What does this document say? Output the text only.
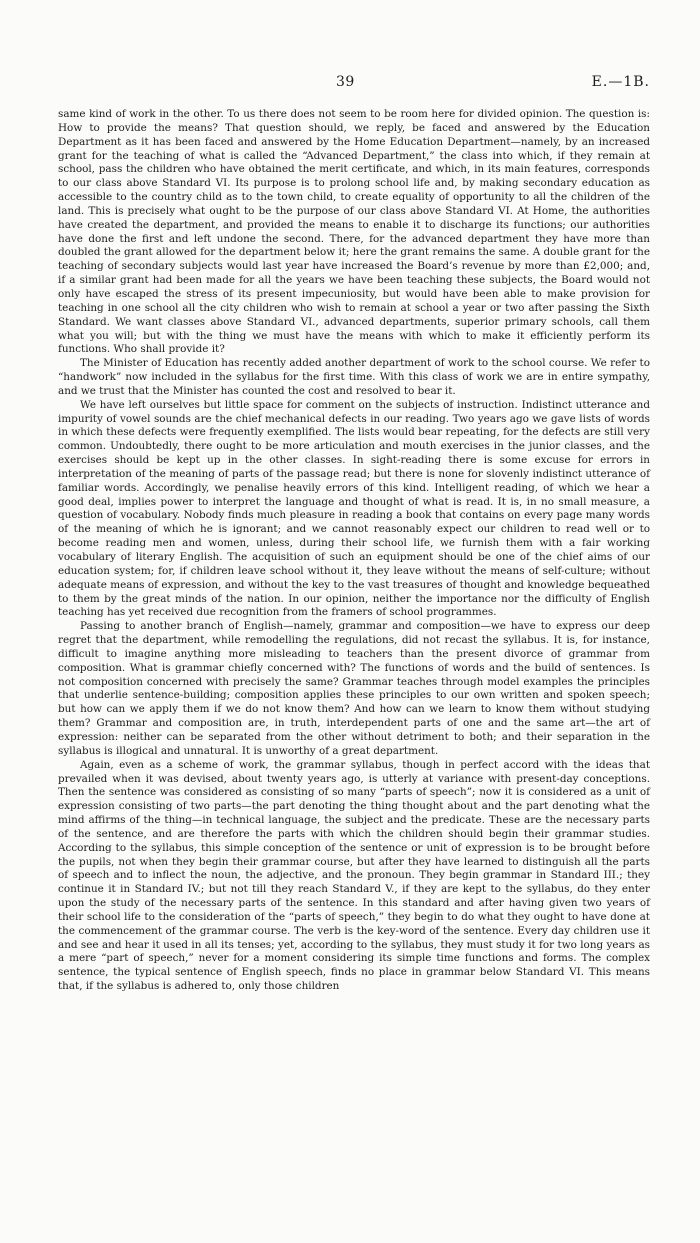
39	E.—1B.

same kind of work in the other. To us there does not seem to be room here for divided opinion. The question is: How to provide the means? That question should, we reply, be faced and answered by the Education Department as it has been faced and answered by the Home Education Department—namely, by an increased grant for the teaching of what is called the “Advanced Department,” the class into which, if they remain at school, pass the children who have obtained the merit certificate, and which, in its main features, corresponds to our class above Standard VI. Its purpose is to prolong school life and, by making secondary education as accessible to the country child as to the town child, to create equality of opportunity to all the children of the land. This is precisely what ought to be the purpose of our class above Standard VI. At Home, the authorities have created the department, and provided the means to enable it to discharge its functions; our authorities have done the first and left undone the second. There, for the advanced department they have more than doubled the grant allowed for the department below it; here the grant remains the same. A double grant for the teaching of secondary subjects would last year have increased the Board’s revenue by more than £2,000; and, if a similar grant had been made for all the years we have been teaching these subjects, the Board would not only have escaped the stress of its present impecuniosity, but would have been able to make provision for teaching in one school all the city children who wish to remain at school a year or two after passing the Sixth Standard. We want classes above Standard VI., advanced departments, superior primary schools, call them what you will; but with the thing we must have the means with which to make it efficiently perform its functions. Who shall provide it?

The Minister of Education has recently added another department of work to the school course. We refer to “handwork” now included in the syllabus for the first time. With this class of work we are in entire sympathy, and we trust that the Minister has counted the cost and resolved to bear it.

We have left ourselves but little space for comment on the subjects of instruction. Indistinct utterance and impurity of vowel sounds are the chief mechanical defects in our reading. Two years ago we gave lists of words in which these defects were frequently exemplified. The lists would bear repeating, for the defects are still very common. Undoubtedly, there ought to be more articulation and mouth exercises in the junior classes, and the exercises should be kept up in the other classes. In sight-reading there is some excuse for errors in interpretation of the meaning of parts of the passage read; but there is none for slovenly indistinct utterance of familiar words. Accordingly, we penalise heavily errors of this kind. Intelligent reading, of which we hear a good deal, implies power to interpret the language and thought of what is read. It is, in no small measure, a question of vocabulary. Nobody finds much pleasure in reading a book that contains on every page many words of the meaning of which he is ignorant; and we cannot reasonably expect our children to read well or to become reading men and women, unless, during their school life, we furnish them with a fair working vocabulary of literary English. The acquisition of such an equipment should be one of the chief aims of our education system; for, if children leave school without it, they leave without the means of self-culture; without adequate means of expression, and without the key to the vast treasures of thought and knowledge bequeathed to them by the great minds of the nation. In our opinion, neither the importance nor the difficulty of English teaching has yet received due recognition from the framers of school programmes.

Passing to another branch of English—namely, grammar and composition—we have to express our deep regret that the department, while remodelling the regulations, did not recast the syllabus. It is, for instance, difficult to imagine anything more misleading to teachers than the present divorce of grammar from composition. What is grammar chiefly concerned with? The functions of words and the build of sentences. Is not composition concerned with precisely the same? Grammar teaches through model examples the principles that underlie sentence-building; composition applies these principles to our own written and spoken speech; but how can we apply them if we do not know them? And how can we learn to know them without studying them? Grammar and composition are, in truth, interdependent parts of one and the same art—the art of expression: neither can be separated from the other without detriment to both; and their separation in the syllabus is illogical and unnatural. It is unworthy of a great department.

Again, even as a scheme of work, the grammar syllabus, though in perfect accord with the ideas that prevailed when it was devised, about twenty years ago, is utterly at variance with present-day conceptions. Then the sentence was considered as consisting of so many “parts of speech”; now it is considered as a unit of expression consisting of two parts—the part denoting the thing thought about and the part denoting what the mind affirms of the thing—in technical language, the subject and the predicate. These are the necessary parts of the sentence, and are therefore the parts with which the children should begin their grammar studies. According to the syllabus, this simple conception of the sentence or unit of expression is to be brought before the pupils, not when they begin their grammar course, but after they have learned to distinguish all the parts of speech and to inflect the noun, the adjective, and the pronoun. They begin grammar in Standard III.; they continue it in Standard IV.; but not till they reach Standard V., if they are kept to the syllabus, do they enter upon the study of the necessary parts of the sentence. In this standard and after having given two years of their school life to the consideration of the “parts of speech,” they begin to do what they ought to have done at the commencement of the grammar course. The verb is the key-word of the sentence. Every day children use it and see and hear it used in all its tenses; yet, according to the syllabus, they must study it for two long years as a mere “part of speech,” never for a moment considering its simple time functions and forms. The complex sentence, the typical sentence of English speech, finds no place in grammar below Standard VI. This means that, if the syllabus is adhered to, only those children
